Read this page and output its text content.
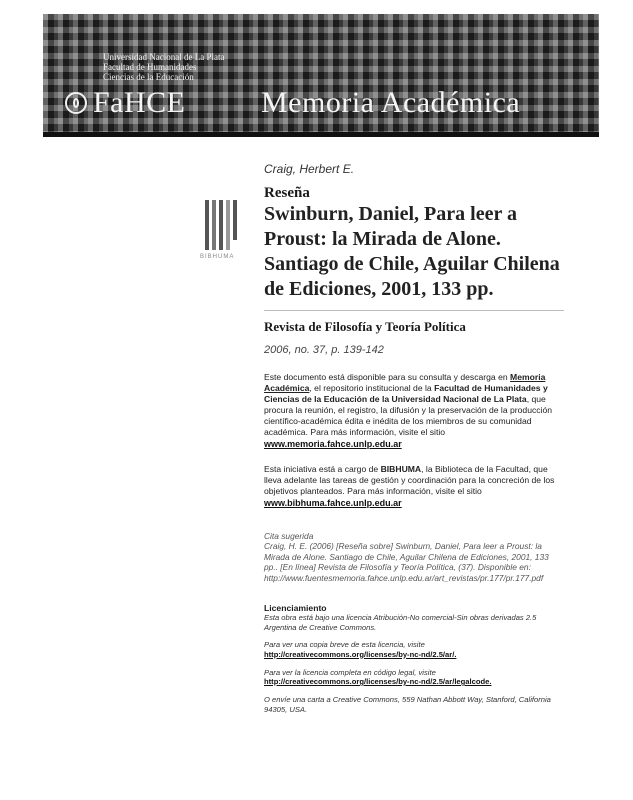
Universidad Nacional de La Plata
Facultad de Humanidades
Ciencias de la Educación
FaHCE	Memoria Académica
BIBHUMA

Craig, Herbert E.

Reseña

Swinburn, Daniel, Para leer a Proust: la Mirada de Alone. Santiago de Chile, Aguilar Chilena de Ediciones, 2001, 133 pp.

Revista de Filosofía y Teoría Política

2006, no. 37, p. 139-142

Este documento está disponible para su consulta y descarga en Memoria Académica, el repositorio institucional de la Facultad de Humanidades y Ciencias de la Educación de la Universidad Nacional de La Plata, que procura la reunión, el registro, la difusión y la preservación de la producción científico-académica édita e inédita de los miembros de su comunidad académica. Para más información, visite el sitio

www.memoria.fahce.unlp.edu.ar

Esta iniciativa está a cargo de BIBHUMA, la Biblioteca de la Facultad, que lleva adelante las tareas de gestión y coordinación para la concreción de los objetivos planteados. Para más información, visite el sitio

www.bibhuma.fahce.unlp.edu.ar
Cita sugerida

Craig, H. E. (2006) [Reseña sobre] Swinburn, Daniel, Para leer a Proust: la Mirada de Alone. Santiago de Chile, Aguilar Chilena de Ediciones, 2001, 133 pp.. [En línea] Revista de Filosofía y Teoría Política, (37). Disponible en: http://www.fuentesmemoria.fahce.unlp.edu.ar/art_revistas/pr.177/pr.177.pdf

Licenciamiento

Esta obra está bajo una licencia Atribución-No comercial-Sin obras derivadas 2.5 Argentina de Creative Commons.

Para ver una copia breve de esta licencia, visite

http://creativecommons.org/licenses/by-nc-nd/2.5/ar/.

Para ver la licencia completa en código legal, visite

http://creativecommons.org/licenses/by-nc-nd/2.5/ar/legalcode.

O envíe una carta a Creative Commons, 559 Nathan Abbott Way, Stanford, California 94305, USA.
